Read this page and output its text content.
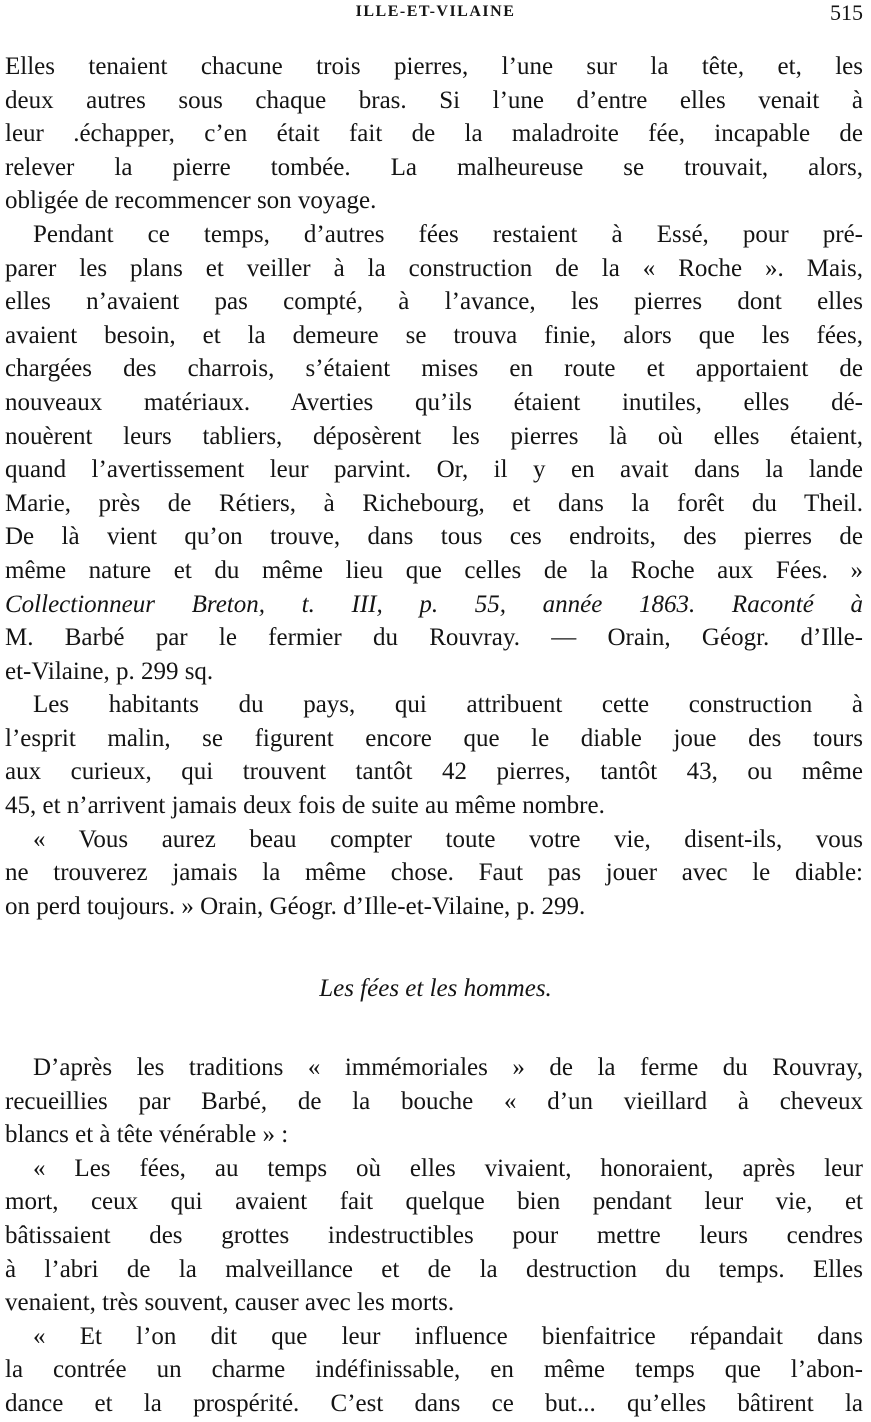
ILLE-ET-VILAINE	515
Elles tenaient chacune trois pierres, l’une sur la tête, et, les
deux autres sous chaque bras. Si l’une d’entre elles venait à
leur .échapper, c’en était fait de la maladroite fée, incapable de
relever la pierre tombée. La malheureuse se trouvait, alors,
obligée de recommencer son voyage.
Pendant ce temps, d’autres fées restaient à Essé, pour pré-
parer les plans et veiller à la construction de la « Roche ». Mais,
elles n’avaient pas compté, à l’avance, les pierres dont elles
avaient besoin, et la demeure se trouva finie, alors que les fées,
chargées des charrois, s’étaient mises en route et apportaient de
nouveaux matériaux. Averties qu’ils étaient inutiles, elles dé-
nouèrent leurs tabliers, déposèrent les pierres là où elles étaient,
quand l’avertissement leur parvint. Or, il y en avait dans la lande
Marie, près de Rétiers, à Richebourg, et dans la forêt du Theil.
De là vient qu’on trouve, dans tous ces endroits, des pierres de
même nature et du même lieu que celles de la Roche aux Fées. »
Collectionneur Breton, t. III, p. 55, année 1863. Raconté à
M. Barbé par le fermier du Rouvray. — Orain, Géogr. d’Ille-
et-Vilaine, p. 299 sq.
Les habitants du pays, qui attribuent cette construction à
l’esprit malin, se figurent encore que le diable joue des tours
aux curieux, qui trouvent tantôt 42 pierres, tantôt 43, ou même
45, et n’arrivent jamais deux fois de suite au même nombre.
« Vous aurez beau compter toute votre vie, disent-ils, vous
ne trouverez jamais la même chose. Faut pas jouer avec le diable:
on perd toujours. » Orain, Géogr. d’Ille-et-Vilaine, p. 299.
Les fées et les hommes.
D’après les traditions « immémoriales » de la ferme du Rouvray,
recueillies par Barbé, de la bouche « d’un vieillard à cheveux
blancs et à tête vénérable » :
« Les fées, au temps où elles vivaient, honoraient, après leur
mort, ceux qui avaient fait quelque bien pendant leur vie, et
bâtissaient des grottes indestructibles pour mettre leurs cendres
à l’abri de la malveillance et de la destruction du temps. Elles
venaient, très souvent, causer avec les morts.
« Et l’on dit que leur influence bienfaitrice répandait dans
la contrée un charme indéfinissable, en même temps que l’abon-
dance et la prospérité. C’est dans ce but... qu’elles bâtirent la
